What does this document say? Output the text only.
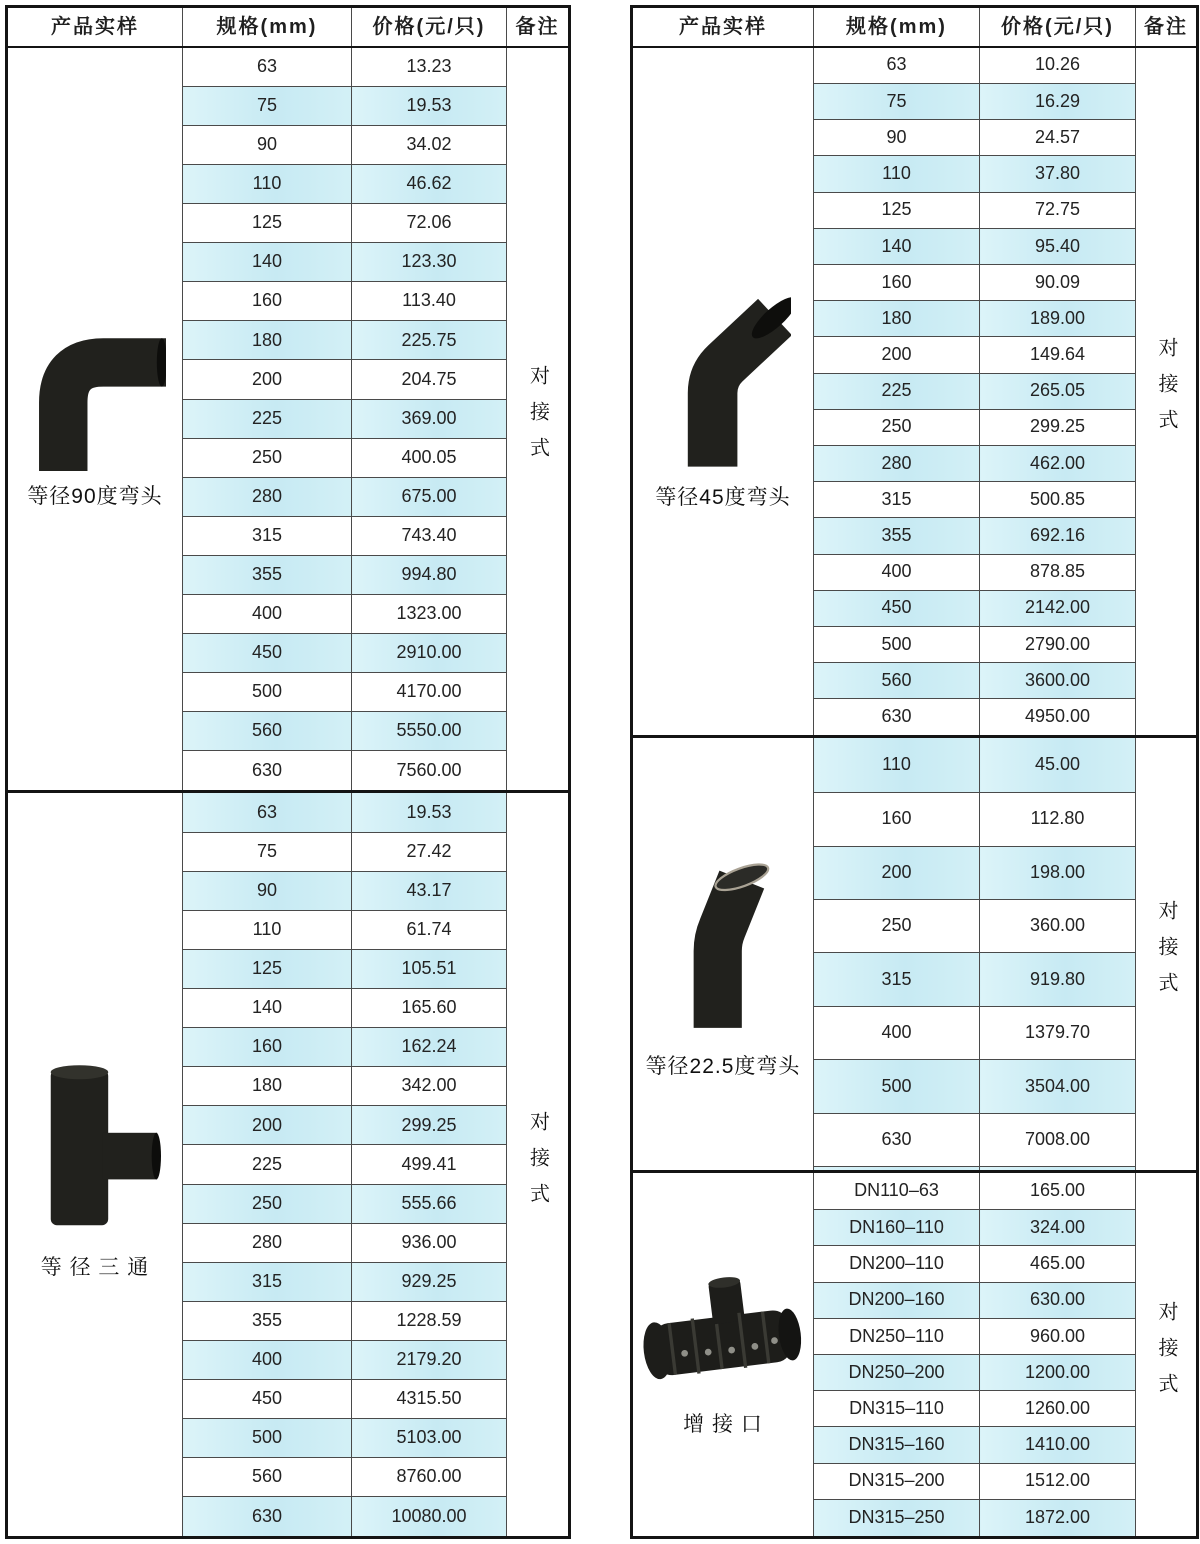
产品实样	规格(mm)	价格(元/只)	备注

等径90度弯头	63	13.23	对接式

	75	19.53	
	90	34.02	
	110	46.62	
	125	72.06	
	140	123.30	
	160	113.40	
	180	225.75	
	200	204.75	
	225	369.00	
	250	400.05	
	280	675.00	
	315	743.40	
	355	994.80	
	400	1323.00	
	450	2910.00	
	500	4170.00	
	560	5550.00	
	630	7560.00	

等 径 三 通	63	19.53	对接式

	75	27.42	
	90	43.17	
	110	61.74	
	125	105.51	
	140	165.60	
	160	162.24	
	180	342.00	
	200	299.25	
	225	499.41	
	250	555.66	
	280	936.00	
	315	929.25	
	355	1228.59	
	400	2179.20	
	450	4315.50	
	500	5103.00	
	560	8760.00	
	630	10080.00	
产品实样	规格(mm)	价格(元/只)	备注

等径45度弯头	63	10.26	对接式

	75	16.29	
	90	24.57	
	110	37.80	
	125	72.75	
	140	95.40	
	160	90.09	
	180	189.00	
	200	149.64	
	225	265.05	
	250	299.25	
	280	462.00	
	315	500.85	
	355	692.16	
	400	878.85	
	450	2142.00	
	500	2790.00	
	560	3600.00	
	630	4950.00	

等径22.5度弯头	110	45.00	对接式

	160	112.80	
	200	198.00	
	250	360.00	
	315	919.80	
	400	1379.70	
	500	3504.00	
	630	7008.00	

增 接 口	DN110–63	165.00	对接式

	DN160–110	324.00	
	DN200–110	465.00	
	DN200–160	630.00	
	DN250–110	960.00	
	DN250–200	1200.00	
	DN315–110	1260.00	
	DN315–160	1410.00	
	DN315–200	1512.00	
	DN315–250	1872.00	
